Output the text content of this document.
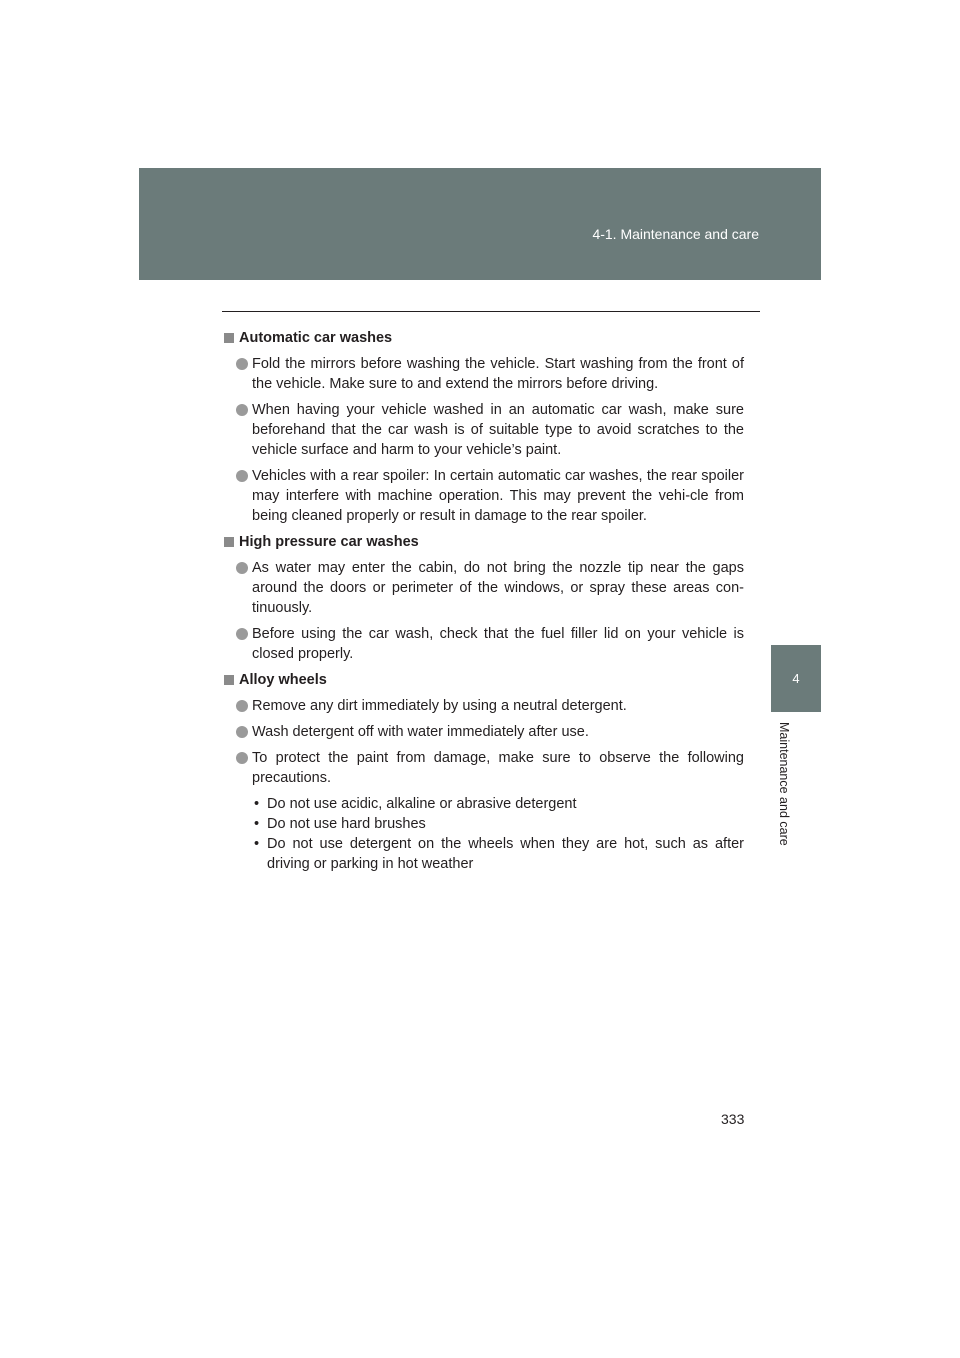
4-1. Maintenance and care
4
Maintenance and care
Automatic car washes
Fold the mirrors before washing the vehicle. Start washing from the front of the vehicle. Make sure to and extend the mirrors before driving.
When having your vehicle washed in an automatic car wash, make sure beforehand that the car wash is of suitable type to avoid scratches to the vehicle surface and harm to your vehicle’s paint.
Vehicles with a rear spoiler: In certain automatic car washes, the rear spoiler may interfere with machine operation. This may prevent the vehi-cle from being cleaned properly or result in damage to the rear spoiler.
High pressure car washes
As water may enter the cabin, do not bring the nozzle tip near the gaps around the doors or perimeter of the windows, or spray these areas con-tinuously.
Before using the car wash, check that the fuel filler lid on your vehicle is closed properly.
Alloy wheels
Remove any dirt immediately by using a neutral detergent.
Wash detergent off with water immediately after use.
To protect the paint from damage, make sure to observe the following precautions.
• Do not use acidic, alkaline or abrasive detergent
• Do not use hard brushes
• Do not use detergent on the wheels when they are hot, such as after driving or parking in hot weather
333
